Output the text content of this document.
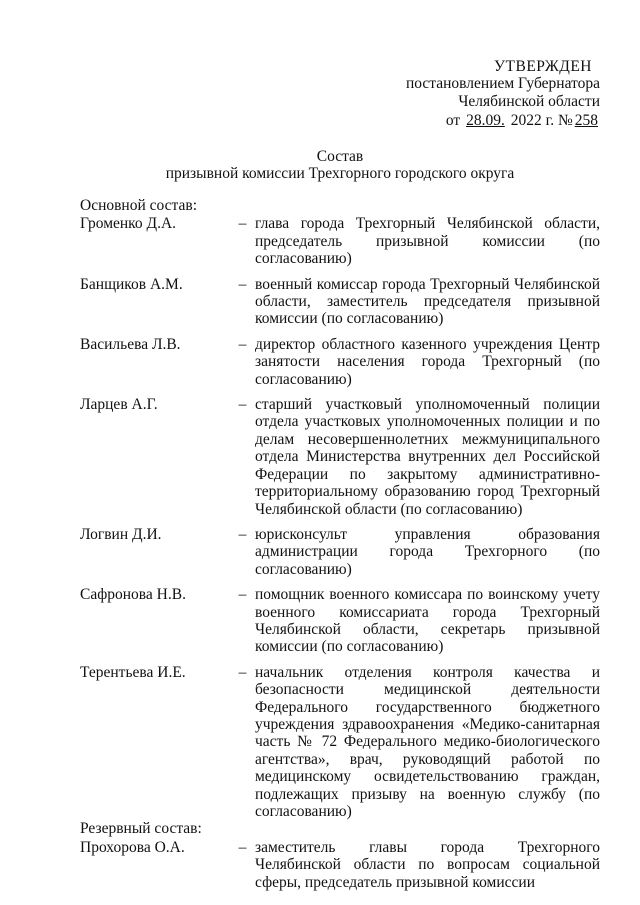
УТВЕРЖДЕН
постановлением Губернатора
Челябинской области
от 28.09. 2022 г. № 258
Состав
призывной комиссии Трехгорного городского округа
Основной состав:
Громенко Д.А.	– глава города Трехгорный Челябинской области, председатель призывной комиссии (по согласованию)
Банщиков А.М.	– военный комиссар города Трехгорный Челябинской области, заместитель председателя призывной комиссии (по согласованию)
Васильева Л.В.	– директор областного казенного учреждения Центр занятости населения города Трехгорный (по согласованию)
Ларцев А.Г.	– старший участковый уполномоченный полиции отдела участковых уполномоченных полиции и по делам несовершеннолетних межмуниципального отдела Министерства внутренних дел Российской Федерации по закрытому административно-территориальному образованию город Трехгорный Челябинской области (по согласованию)
Логвин Д.И.	– юрисконсульт управления образования администрации города Трехгорного (по согласованию)
Сафронова Н.В.	– помощник военного комиссара по воинскому учету военного комиссариата города Трехгорный Челябинской области, секретарь призывной комиссии (по согласованию)
Терентьева И.Е.	– начальник отделения контроля качества и безопасности медицинской деятельности Федерального государственного бюджетного учреждения здравоохранения «Медико-санитарная часть № 72 Федерального медико-биологического агентства», врач, руководящий работой по медицинскому освидетельствованию граждан, подлежащих призыву на военную службу (по согласованию)
Резервный состав:
Прохорова О.А.	– заместитель главы города Трехгорного Челябинской области по вопросам социальной сферы, председатель призывной комиссии
